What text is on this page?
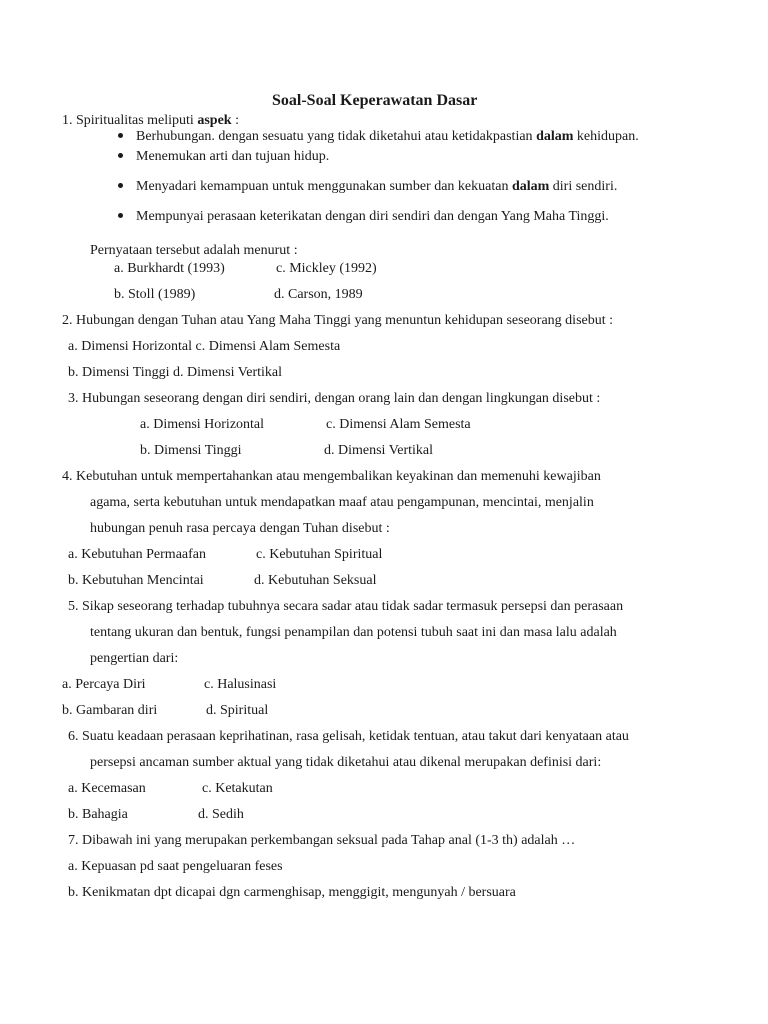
Soal-Soal Keperawatan Dasar
1. Spiritualitas meliputi aspek :
Berhubungan. dengan sesuatu yang tidak diketahui atau ketidakpastian dalam kehidupan.
Menemukan arti dan tujuan hidup.
Menyadari kemampuan untuk menggunakan sumber dan kekuatan dalam diri sendiri.
Mempunyai perasaan keterikatan dengan diri sendiri dan dengan Yang Maha Tinggi.
Pernyataan tersebut adalah menurut :
a. Burkhardt (1993)	c. Mickley (1992)
b. Stoll (1989)	d. Carson, 1989
2. Hubungan dengan Tuhan atau Yang Maha Tinggi yang menuntun kehidupan seseorang disebut :
a. Dimensi Horizontal c. Dimensi Alam Semesta
b. Dimensi Tinggi d. Dimensi Vertikal
3. Hubungan seseorang dengan diri sendiri, dengan orang lain dan dengan lingkungan disebut :
a. Dimensi Horizontal	c. Dimensi Alam Semesta
b. Dimensi Tinggi	d. Dimensi Vertikal
4. Kebutuhan untuk mempertahankan atau mengembalikan keyakinan dan memenuhi kewajiban
agama, serta kebutuhan untuk mendapatkan maaf atau pengampunan, mencintai, menjalin
hubungan penuh rasa percaya dengan Tuhan disebut :
a. Kebutuhan Permaafan	c. Kebutuhan Spiritual
b. Kebutuhan Mencintai	d. Kebutuhan Seksual
5. Sikap seseorang terhadap tubuhnya secara sadar atau tidak sadar termasuk persepsi dan perasaan
tentang ukuran dan bentuk, fungsi penampilan dan potensi tubuh saat ini dan masa lalu adalah
pengertian dari:
a. Percaya Diri	c. Halusinasi
b. Gambaran diri	d. Spiritual
6. Suatu keadaan perasaan keprihatinan, rasa gelisah, ketidak tentuan, atau takut dari kenyataan atau
persepsi ancaman sumber aktual yang tidak diketahui atau dikenal merupakan definisi dari:
a. Kecemasan	c. Ketakutan
b. Bahagia	d. Sedih
7. Dibawah ini yang merupakan perkembangan seksual pada Tahap anal (1-3 th) adalah …
a. Kepuasan pd saat pengeluaran feses
b. Kenikmatan dpt dicapai dgn carmenghisap, menggigit, mengunyah / bersuara
